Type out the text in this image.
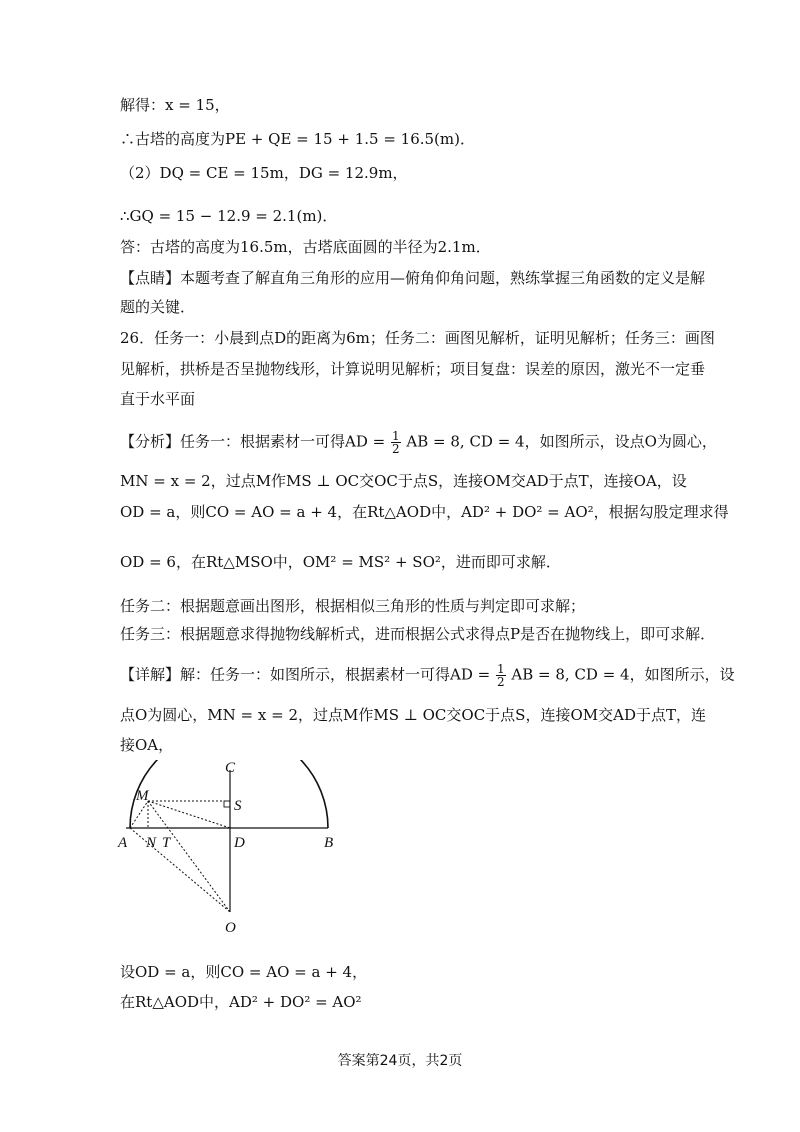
解得：x = 15，
∴古塔的高度为PE + QE = 15 + 1.5 = 16.5(m)．
（2）DQ = CE = 15m，DG = 12.9m，
∴GQ = 15 − 12.9 = 2.1(m)．
答：古塔的高度为16.5m，古塔底面圆的半径为2.1m．
【点睛】本题考查了解直角三角形的应用—俯角仰角问题，熟练掌握三角函数的定义是解
题的关键．
26．任务一：小晨到点D的距离为6m；任务二：画图见解析，证明见解析；任务三：画图
见解析，拱桥是否呈抛物线形，计算说明见解析；项目复盘：误差的原因，激光不一定垂
直于水平面
【分析】任务一：根据素材一可得AD = $\frac{1}{2}$ AB = 8, CD = 4，如图所示，设点O为圆心，
MN = x = 2，过点M作MS ⊥ OC交OC于点S，连接OM交AD于点T，连接OA，设
OD = a，则CO = AO = a + 4，在Rt△AOD中，AD² + DO² = AO²，根据勾股定理求得
OD = 6，在Rt△MSO中，OM² = MS² + SO²，进而即可求解．
任务二：根据题意画出图形，根据相似三角形的性质与判定即可求解；
任务三：根据题意求得抛物线解析式，进而根据公式求得点P是否在抛物线上，即可求解．
【详解】解：任务一：如图所示，根据素材一可得AD = $\frac{1}{2}$ AB = 8, CD = 4，如图所示，设
点O为圆心，MN = x = 2，过点M作MS ⊥ OC交OC于点S，连接OM交AD于点T，连
接OA，
C
M
S
A N T	D	B
O
设OD = a，则CO = AO = a + 4，
在Rt△AOD中，AD² + DO² = AO²
答案第24页，共2页
